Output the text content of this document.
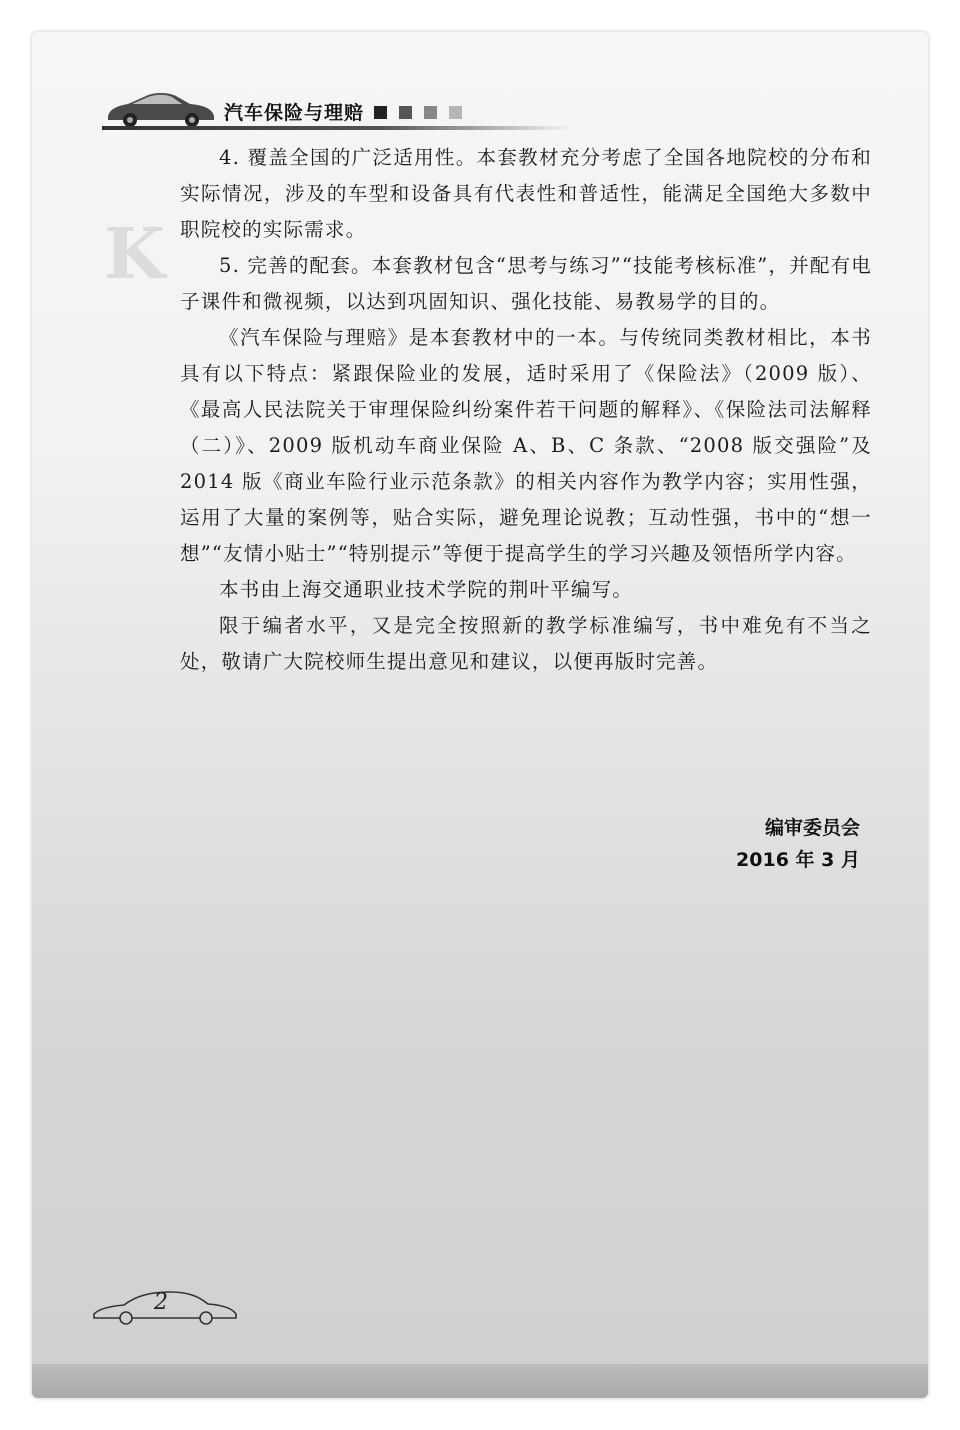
K
汽车保险与理赔

4. 覆盖全国的广泛适用性。本套教材充分考虑了全国各地院校的分布和实际情况，涉及的车型和设备具有代表性和普适性，能满足全国绝大多数中职院校的实际需求。

5. 完善的配套。本套教材包含“思考与练习”“技能考核标准”，并配有电子课件和微视频，以达到巩固知识、强化技能、易教易学的目的。

《汽车保险与理赔》是本套教材中的一本。与传统同类教材相比，本书具有以下特点：紧跟保险业的发展，适时采用了《保险法》（2009 版）、《最高人民法院关于审理保险纠纷案件若干问题的解释》、《保险法司法解释（二）》、2009 版机动车商业保险 A、B、C 条款、“2008 版交强险”及 2014 版《商业车险行业示范条款》的相关内容作为教学内容；实用性强，运用了大量的案例等，贴合实际，避免理论说教；互动性强，书中的“想一想”“友情小贴士”“特别提示”等便于提高学生的学习兴趣及领悟所学内容。

本书由上海交通职业技术学院的荆叶平编写。

限于编者水平，又是完全按照新的教学标准编写，书中难免有不当之处，敬请广大院校师生提出意见和建议，以便再版时完善。

编审委员会
2016 年 3 月
2
